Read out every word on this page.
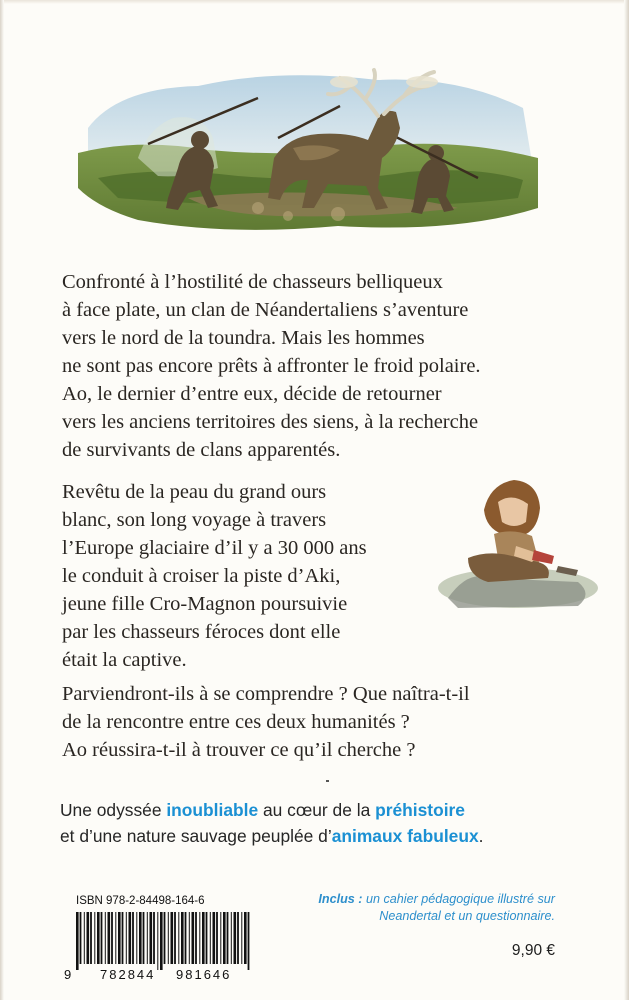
Confronté à l’hostilité de chasseurs belliqueux
à face plate, un clan de Néandertaliens s’aventure
vers le nord de la toundra. Mais les hommes
ne sont pas encore prêts à affronter le froid polaire.
Ao, le dernier d’entre eux, décide de retourner
vers les anciens territoires des siens, à la recherche
de survivants de clans apparentés.

Revêtu de la peau du grand ours
blanc, son long voyage à travers
l’Europe glaciaire d’il y a 30 000 ans
le conduit à croiser la piste d’Aki,
jeune fille Cro-Magnon poursuivie
par les chasseurs féroces dont elle
était la captive.

Parviendront-ils à se comprendre ? Que naîtra-t-il
de la rencontre entre ces deux humanités ?
Ao réussira-t-il à trouver ce qu’il cherche ?

Une odyssée inoubliable au cœur de la préhistoire
et d’une nature sauvage peuplée d’animaux fabuleux.

ISBN 978-2-84498-164-6
9 782844 981646
Inclus : un cahier pédagogique illustré sur
Neandertal et un questionnaire.
9,90 €
